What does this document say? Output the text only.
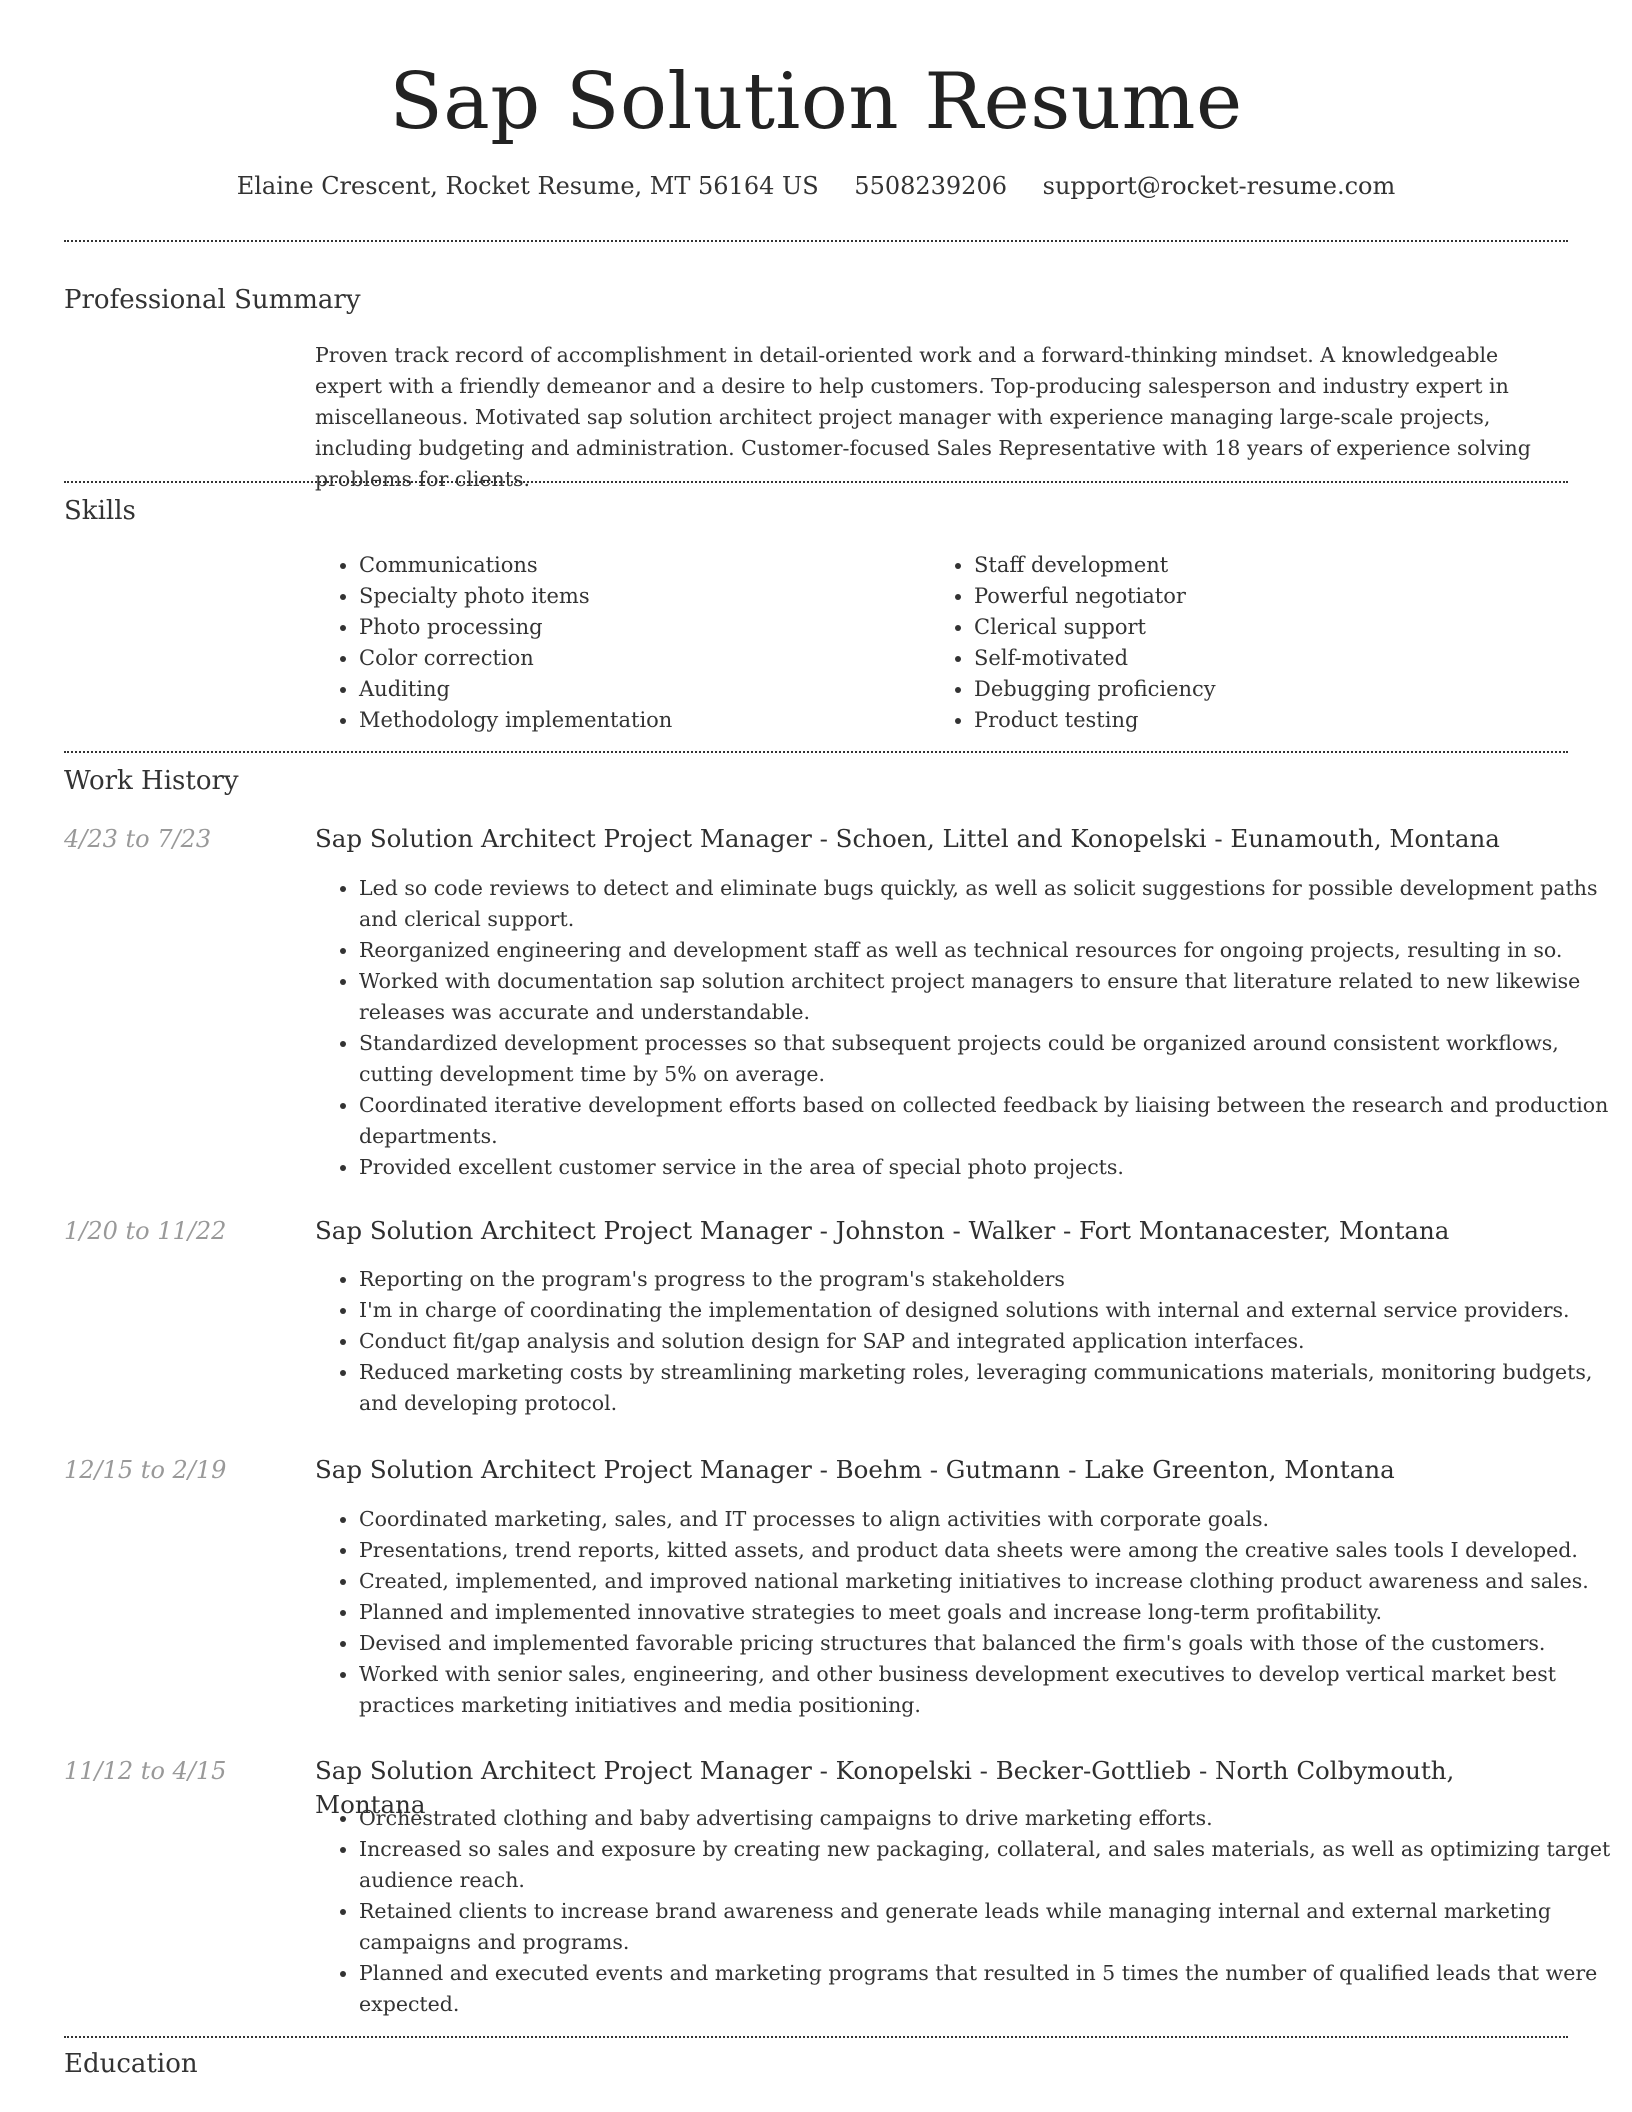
Sap Solution Resume
Elaine Crescent, Rocket Resume, MT 56164 US 5508239206 support@rocket-resume.com
Professional Summary
Proven track record of accomplishment in detail-oriented work and a forward-thinking mindset. A knowledgeable expert with a friendly demeanor and a desire to help customers. Top-producing salesperson and industry expert in miscellaneous. Motivated sap solution architect project manager with experience managing large-scale projects, including budgeting and administration. Customer-focused Sales Representative with 18 years of experience solving problems for clients.
Skills
• Communications
• Specialty photo items
• Photo processing
• Color correction
• Auditing
• Methodology implementation
• Staff development
• Powerful negotiator
• Clerical support
• Self-motivated
• Debugging proficiency
• Product testing
Work History
4/23 to 7/23	Sap Solution Architect Project Manager - Schoen, Littel and Konopelski - Eunamouth, Montana
• Led so code reviews to detect and eliminate bugs quickly, as well as solicit suggestions for possible development paths and clerical support.
• Reorganized engineering and development staff as well as technical resources for ongoing projects, resulting in so.
• Worked with documentation sap solution architect project managers to ensure that literature related to new likewise releases was accurate and understandable.
• Standardized development processes so that subsequent projects could be organized around consistent workflows, cutting development time by 5% on average.
• Coordinated iterative development efforts based on collected feedback by liaising between the research and production departments.
• Provided excellent customer service in the area of special photo projects.
1/20 to 11/22	Sap Solution Architect Project Manager - Johnston - Walker - Fort Montanacester, Montana
• Reporting on the program's progress to the program's stakeholders
• I'm in charge of coordinating the implementation of designed solutions with internal and external service providers.
• Conduct fit/gap analysis and solution design for SAP and integrated application interfaces.
• Reduced marketing costs by streamlining marketing roles, leveraging communications materials, monitoring budgets, and developing protocol.
12/15 to 2/19	Sap Solution Architect Project Manager - Boehm - Gutmann - Lake Greenton, Montana
• Coordinated marketing, sales, and IT processes to align activities with corporate goals.
• Presentations, trend reports, kitted assets, and product data sheets were among the creative sales tools I developed.
• Created, implemented, and improved national marketing initiatives to increase clothing product awareness and sales.
• Planned and implemented innovative strategies to meet goals and increase long-term profitability.
• Devised and implemented favorable pricing structures that balanced the firm's goals with those of the customers.
• Worked with senior sales, engineering, and other business development executives to develop vertical market best practices marketing initiatives and media positioning.
11/12 to 4/15	Sap Solution Architect Project Manager - Konopelski - Becker-Gottlieb - North Colbymouth, Montana
• Orchestrated clothing and baby advertising campaigns to drive marketing efforts.
• Increased so sales and exposure by creating new packaging, collateral, and sales materials, as well as optimizing target audience reach.
• Retained clients to increase brand awareness and generate leads while managing internal and external marketing campaigns and programs.
• Planned and executed events and marketing programs that resulted in 5 times the number of qualified leads that were expected.
Education
